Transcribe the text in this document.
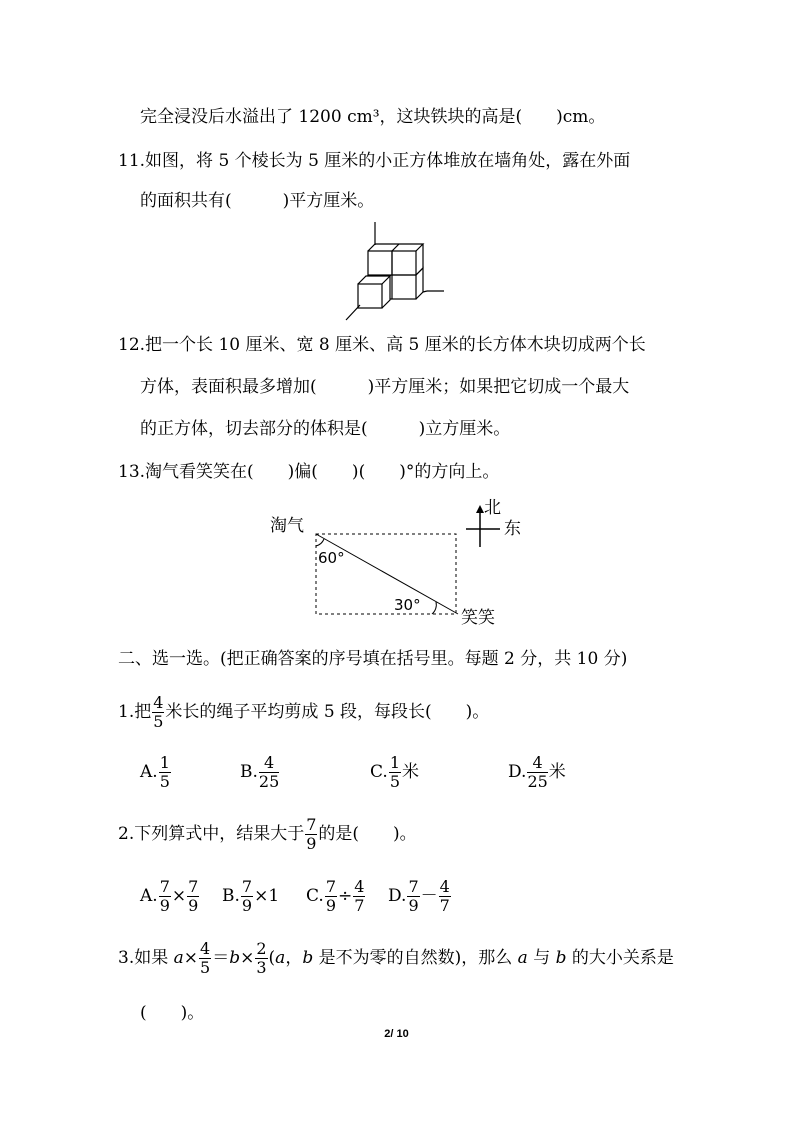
完全浸没后水溢出了 1200 cm³，这块铁块的高是(　　)cm。
11.如图，将 5 个棱长为 5 厘米的小正方体堆放在墙角处，露在外面
的面积共有(　　　)平方厘米。
12.把一个长 10 厘米、宽 8 厘米、高 5 厘米的长方体木块切成两个长
方体，表面积最多增加(　　　)平方厘米；如果把它切成一个最大
的正方体，切去部分的体积是(　　　)立方厘米。
13.淘气看笑笑在(　　)偏(　　)(　　)°的方向上。
淘气
60°
30°
笑笑
北
东
二、选一选。(把正确答案的序号填在括号里。每题 2 分，共 10 分)
1.把 $\frac{4}{5}$ 米长的绳子平均剪成 5 段，每段长(　　)。
A. $\frac{1}{5}$	B. $\frac{4}{25}$	C. $\frac{1}{5}$ 米	D. $\frac{4}{25}$ 米
2.下列算式中，结果大于 $\frac{7}{9}$ 的是(　　)。
A. $\frac{7}{9} \times \frac{7}{9} B$. $\frac{7}{9} \times 1$ C. $\frac{7}{9} \div \frac{4}{7} D$. $\frac{7}{9} - \frac{4}{7}$
3.如果 $a\times \frac{4}{5} =b\times \frac{2}{3} (a$，b 是不为零的自然数)，那么 a 与 b 的大小关系是
(　　)。
2/ 10
